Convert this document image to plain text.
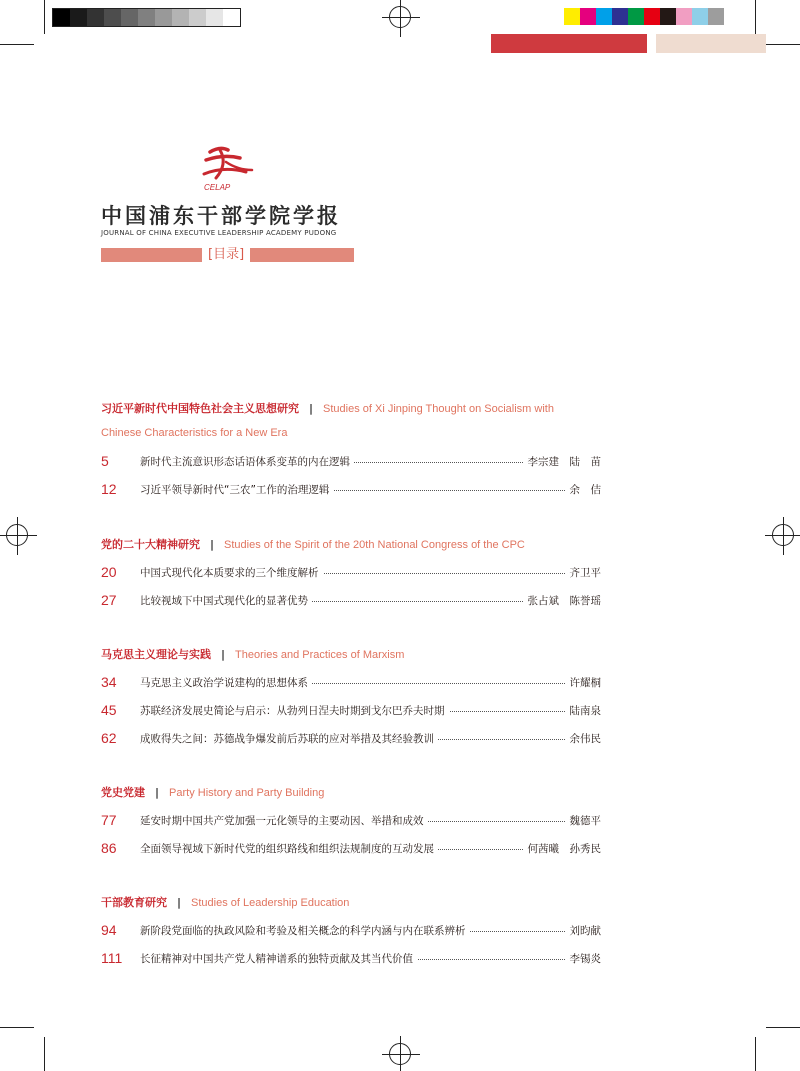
CELAP
中国浦东干部学院学报
JOURNAL OF CHINA EXECUTIVE LEADERSHIP ACADEMY PUDONG
[ 目录 ]
习近平新时代中国特色社会主义思想研究 | Studies of Xi Jinping Thought on Socialism with
Chinese Characteristics for a New Era
5	新时代主流意识形态话语体系变革的内在逻辑	李宗建　陆　苗
12	习近平领导新时代“三农”工作的治理逻辑	余　佶
党的二十大精神研究 | Studies of the Spirit of the 20th National Congress of the CPC
20	中国式现代化本质要求的三个维度解析	齐卫平
27	比较视域下中国式现代化的显著优势	张占斌　陈誉瑶
马克思主义理论与实践 | Theories and Practices of Marxism
34	马克思主义政治学说建构的思想体系	许耀桐
45	苏联经济发展史简论与启示：从勃列日涅夫时期到戈尔巴乔夫时期	陆南泉
62	成败得失之间：苏德战争爆发前后苏联的应对举措及其经验教训	余伟民
党史党建 | Party History and Party Building
77	延安时期中国共产党加强一元化领导的主要动因、举措和成效	魏德平
86	全面领导视域下新时代党的组织路线和组织法规制度的互动发展	何茜曦　孙秀民
干部教育研究 | Studies of Leadership Education
94	新阶段党面临的执政风险和考验及相关概念的科学内涵与内在联系辨析	刘昀献
111	长征精神对中国共产党人精神谱系的独特贡献及其当代价值	李锡炎
